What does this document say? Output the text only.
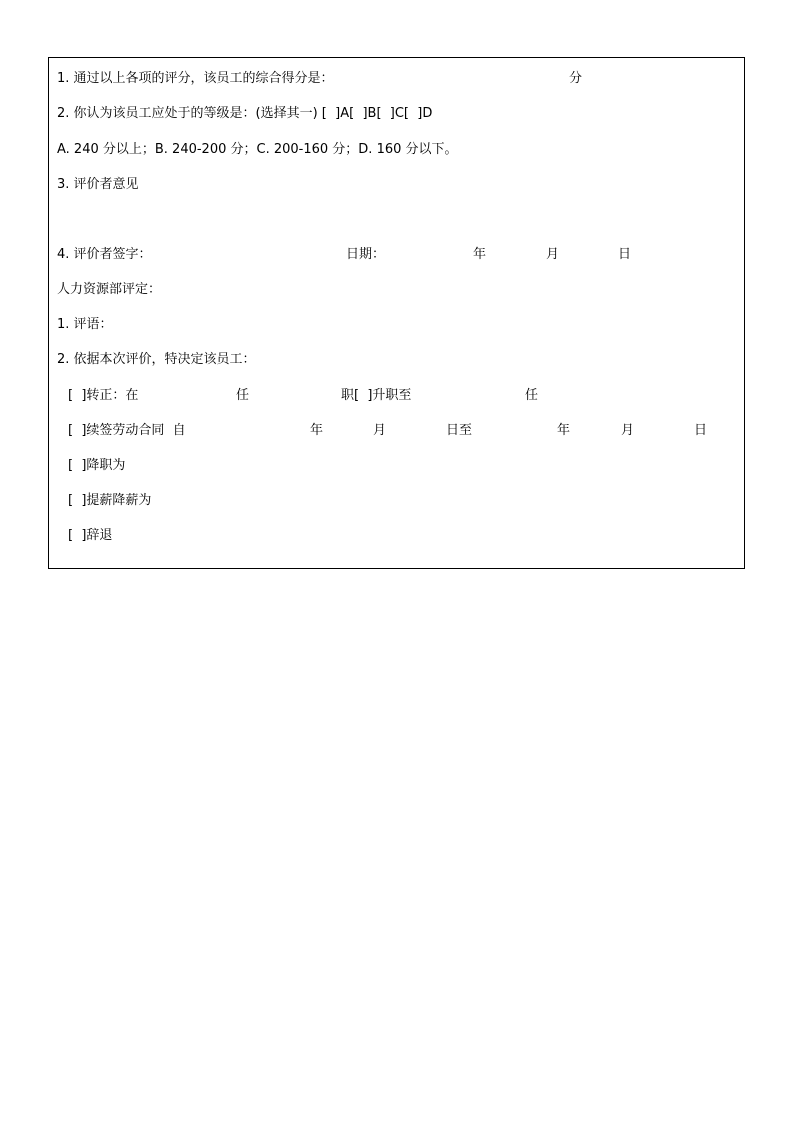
1. 通过以上各项的评分，该员工的综合得分是：	分
2. 你认为该员工应处于的等级是：(选择其一) [  ]A[  ]B[  ]C[  ]D
A. 240 分以上；B. 240-200 分；C. 200-160 分；D. 160 分以下。
3. 评价者意见
4. 评价者签字：	日期：	年	月	日
人力资源部评定：
1. 评语：
2. 依据本次评价，特决定该员工：
[  ]转正：在	任	职[  ]升职至	任
[  ]续签劳动合同  自	年	月	日至	年	月	日
[  ]降职为
[  ]提薪降薪为
[  ]辞退
